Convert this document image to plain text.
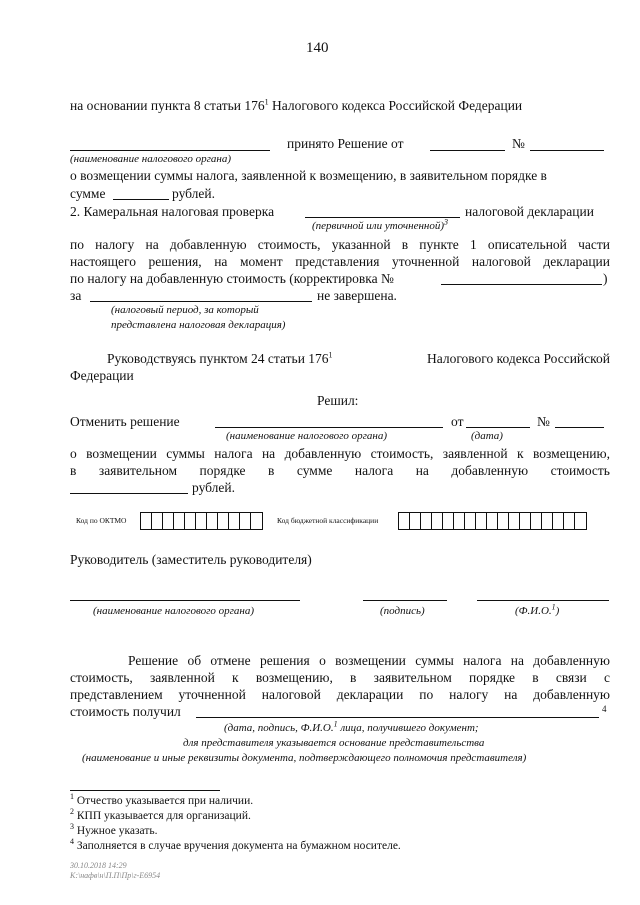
140
на основании пункта 8 статьи $176^1$ Налогового кодекса Российской Федерации
принято Решение от	№
(наименование налогового органа)
о возмещении суммы налога, заявленной к возмещению, в заявительном порядке в
сумме	рублей.
2. Камеральная налоговая проверка	налоговой декларации
(первичной или уточненной)$^3$
по налогу на добавленную стоимость, указанной в пункте 1 описательной части
настоящего решения, на момент представления уточненной налоговой декларации
по налогу на добавленную стоимость (корректировка №	)
за	не завершена.
(налоговый период, за который
представлена налоговая декларация)
Руководствуясь пунктом 24 статьи $176^1$	Налогового кодекса Российской
Федерации
Решил:
Отменить решение	от	№
(наименование налогового органа)	(дата)
о возмещении суммы налога на добавленную стоимость, заявленной к возмещению,
в заявительном порядке в сумме налога на добавленную стоимость
рублей.
Код по ОКТМО	Код бюджетной классификации
Руководитель (заместитель руководителя)
(наименование налогового органа)	(подпись)	(Ф.И.О.$^1$)
Решение об отмене решения о возмещении суммы налога на добавленную
стоимость, заявленной к возмещению, в заявительном порядке в связи с
представлением уточненной налоговой декларации по налогу на добавленную
стоимость получил	4
(дата, подпись, Ф.И.О.$^1$ лица, получившего документ;
для представителя указывается основание представительства
(наименование и иные реквизиты документа, подтверждающего полномочия представителя)
$^1$ Отчество указывается при наличии.
$^2$ КПП указывается для организаций.
$^3$ Нужное указать.
$^4$ Заполняется в случае вручения документа на бумажном носителе.
30.10.2018 14:29
К:\нафв\н\П.П\Пр\г-Е6954
